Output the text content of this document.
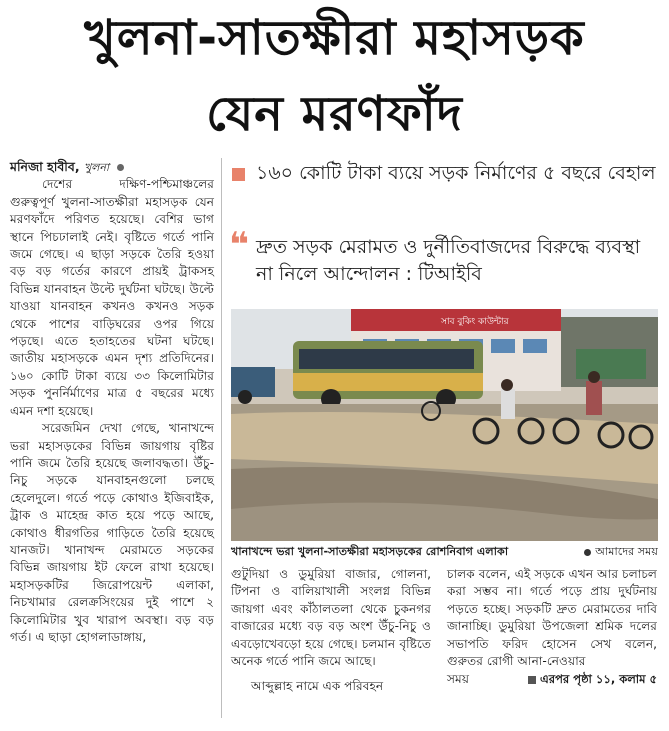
খুলনা-সাতক্ষীরা মহাসড়ক
যেন মরণফাঁদ
মনিজা হাবীব, খুলনা

দেশের দক্ষিণ-পশ্চিমাঞ্চলের গুরুত্বপূর্ণ খুলনা-সাতক্ষীরা মহাসড়ক যেন মরণফাঁদে পরিণত হয়েছে। বেশির ভাগ স্থানে পিচঢালাই নেই। বৃষ্টিতে গর্তে পানি জমে গেছে। এ ছাড়া সড়কে তৈরি হওয়া বড় বড় গর্তের কারণে প্রায়ই ট্রাকসহ বিভিন্ন যানবাহন উল্টে দুর্ঘটনা ঘটছে। উল্টে যাওয়া যানবাহন কখনও কখনও সড়ক থেকে পাশের বাড়িঘরের ওপর গিয়ে পড়ছে। এতে হতাহতের ঘটনা ঘটছে। জাতীয় মহাসড়কে এমন দৃশ্য প্রতিদিনের। ১৬০ কোটি টাকা ব্যয়ে ৩৩ কিলোমিটার সড়ক পুনর্নির্মাণের মাত্র ৫ বছরের মধ্যে এমন দশা হয়েছে।

সরেজমিন দেখা গেছে, খানাখন্দে ভরা মহাসড়কের বিভিন্ন জায়গায় বৃষ্টির পানি জমে তৈরি হয়েছে জলাবদ্ধতা। উঁচু-নিচু সড়কে যানবাহনগুলো চলছে হেলেদুলে। গর্তে পড়ে কোথাও ইজিবাইক, ট্রাক ও মাহেন্দ্র কাত হয়ে পড়ে আছে, কোথাও ধীরগতির গাড়িতে তৈরি হয়েছে যানজট। খানাখন্দ মেরামতে সড়কের বিভিন্ন জায়গায় ইট ফেলে রাখা হয়েছে। মহাসড়কটির জিরোপয়েন্ট এলাকা, নিচখামার রেলক্রসিংয়ের দুই পাশে ২ কিলোমিটার খুব খারাপ অবস্থা। বড় বড় গর্ত। এ ছাড়া হোগলাডাঙ্গায়,

১৬০ কোটি টাকা ব্যয়ে সড়ক নির্মাণের ৫ বছরে বেহাল
❝ দ্রুত সড়ক মেরামত ও দুর্নীতিবাজদের বিরুদ্ধে ব্যবস্থা না নিলে আন্দোলন : টিআইবি
সাব বুকিং কাউন্টার
খানাখন্দে ভরা খুলনা-সাতক্ষীরা মহাসড়কের রোশনিবাগ এলাকা	আমাদের সময়

গুটুদিয়া ও ডুমুরিয়া বাজার, গোলনা, টিপনা ও বালিয়াখালী সংলগ্ন বিভিন্ন জায়গা এবং কাঁঠালতলা থেকে চুকনগর বাজারের মধ্যে বড় বড় অংশ উঁচু-নিচু ও এবড়োখেবড়ো হয়ে গেছে। চলমান বৃষ্টিতে অনেক গর্তে পানি জমে আছে।

আব্দুল্লাহ নামে এক পরিবহন

চালক বলেন, এই সড়কে এখন আর চলাচল করা সম্ভব না। গর্তে পড়ে প্রায় দুর্ঘটনায় পড়তে হচ্ছে। সড়কটি দ্রুত মেরামতের দাবি জানাচ্ছি। ডুমুরিয়া উপজেলা শ্রমিক দলের সভাপতি ফরিদ হোসেন সেখ বলেন, গুরুতর রোগী আনা-নেওয়ার

সময়	এরপর পৃষ্ঠা ১১, কলাম ৫
